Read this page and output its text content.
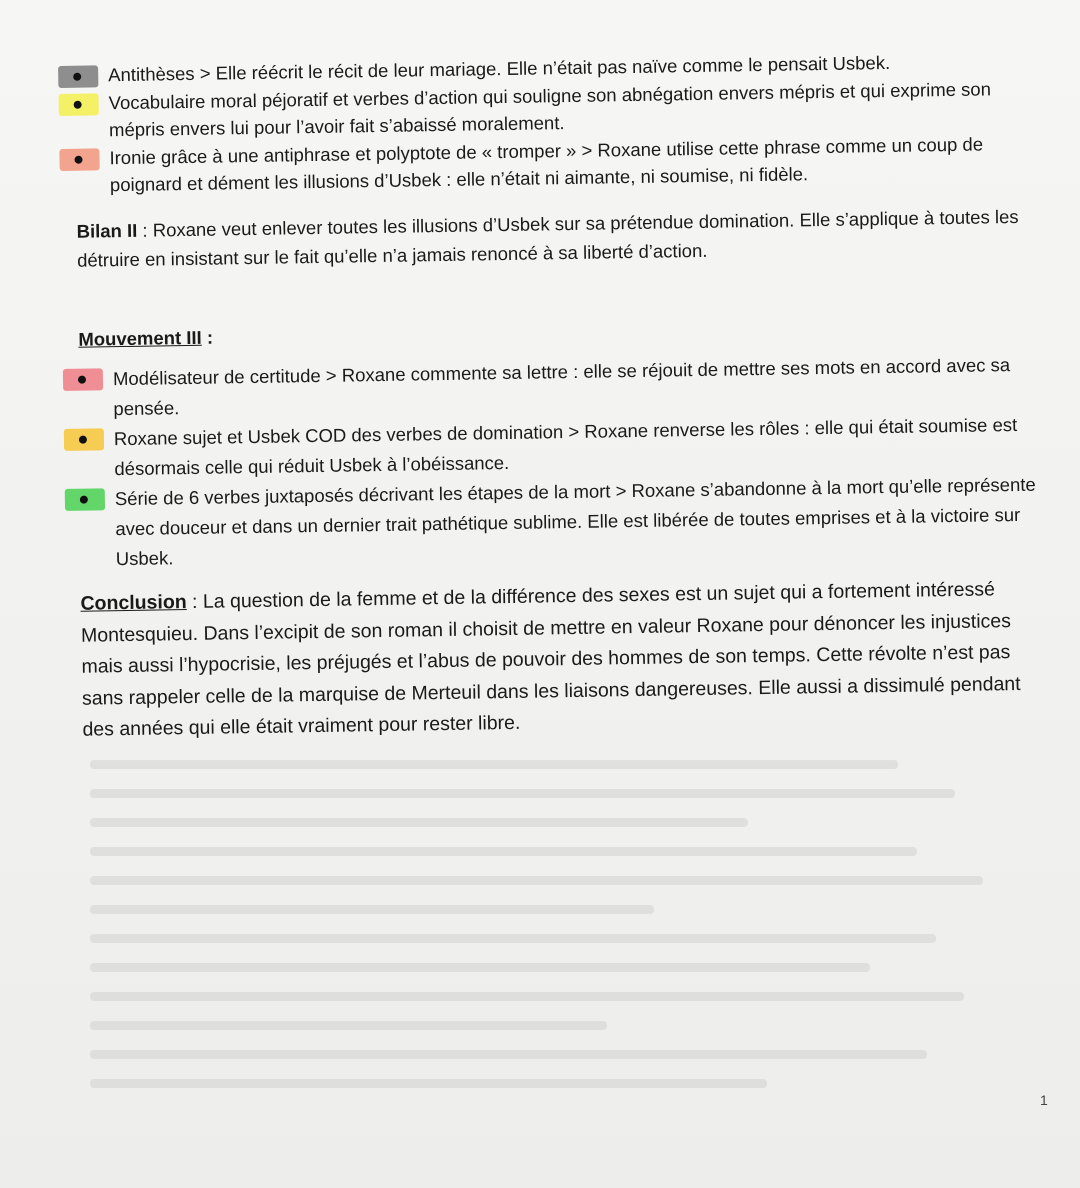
Antithèses > Elle réécrit le récit de leur mariage. Elle n’était pas naïve comme le pensait Usbek.
Vocabulaire moral péjoratif et verbes d’action qui souligne son abnégation envers mépris et qui exprime son mépris envers lui pour l’avoir fait s’abaissé moralement.
Ironie grâce à une antiphrase et polyptote de « tromper » > Roxane utilise cette phrase comme un coup de poignard et dément les illusions d’Usbek : elle n’était ni aimante, ni soumise, ni fidèle.
Bilan II : Roxane veut enlever toutes les illusions d’Usbek sur sa prétendue domination. Elle s’applique à toutes les détruire en insistant sur le fait qu’elle n’a jamais renoncé à sa liberté d’action.
Mouvement III :
Modélisateur de certitude > Roxane commente sa lettre : elle se réjouit de mettre ses mots en accord avec sa pensée.
Roxane sujet et Usbek COD des verbes de domination > Roxane renverse les rôles : elle qui était soumise est désormais celle qui réduit Usbek à l’obéissance.
Série de 6 verbes juxtaposés décrivant les étapes de la mort > Roxane s’abandonne à la mort qu’elle représente avec douceur et dans un dernier trait pathétique sublime. Elle est libérée de toutes emprises et à la victoire sur Usbek.
Conclusion : La question de la femme et de la différence des sexes est un sujet qui a fortement intéressé Montesquieu. Dans l’excipit de son roman il choisit de mettre en valeur Roxane pour dénoncer les injustices mais aussi l’hypocrisie, les préjugés et l’abus de pouvoir des hommes de son temps. Cette révolte n’est pas sans rappeler celle de la marquise de Merteuil dans les liaisons dangereuses. Elle aussi a dissimulé pendant des années qui elle était vraiment pour rester libre.
1
